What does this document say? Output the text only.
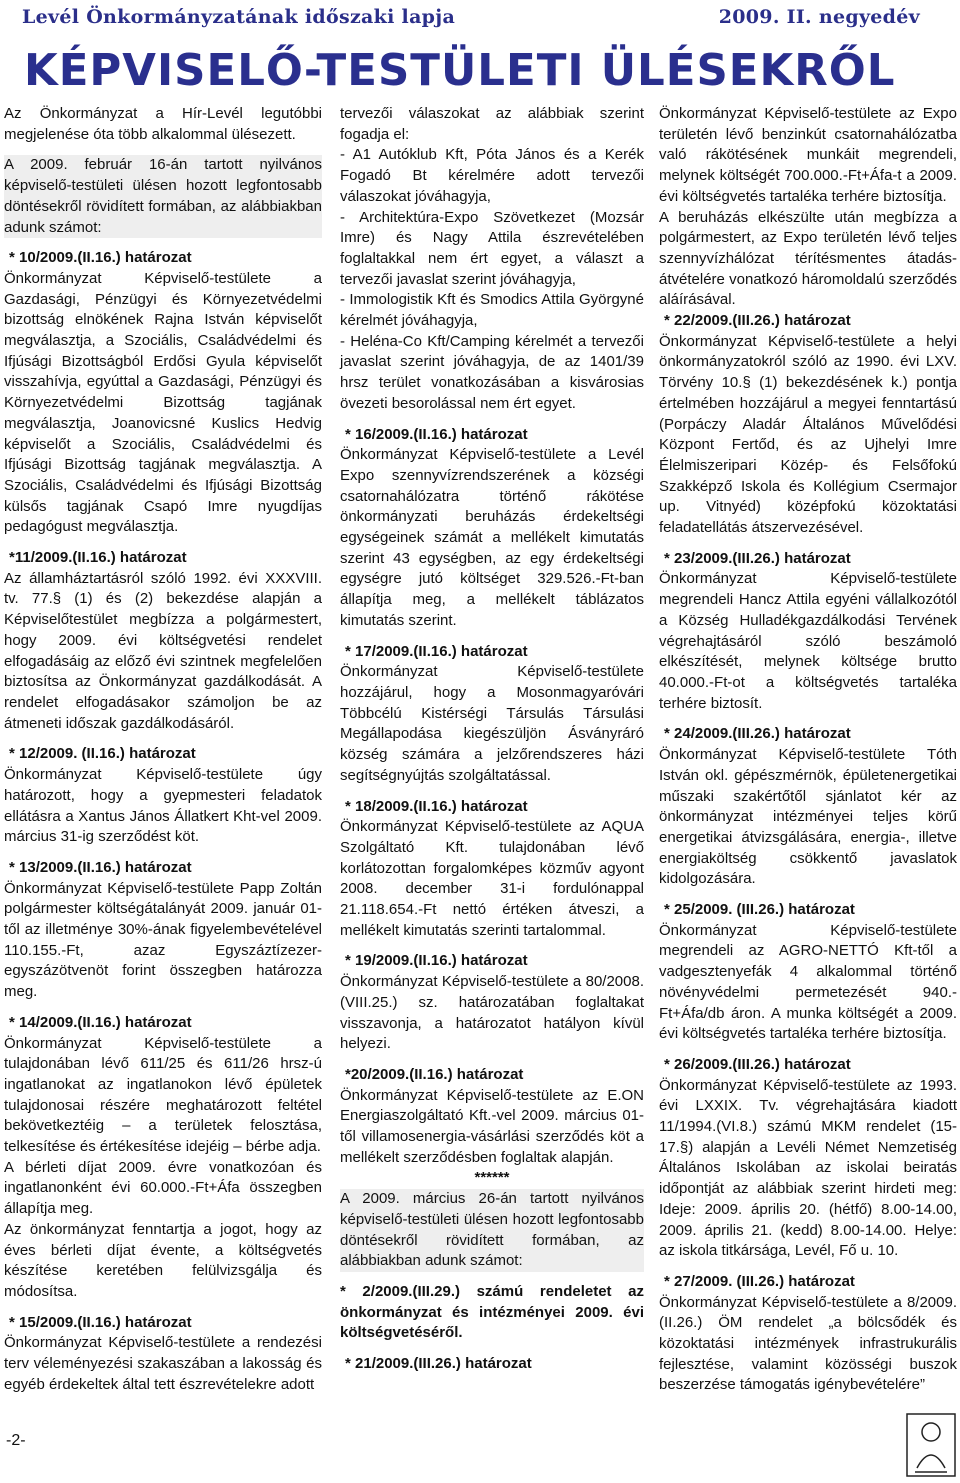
Levél Önkormányzatának időszaki lapja	2009. II. negyedév
KÉPVISELŐ-TESTÜLETI ÜLÉSEKRŐL

Az Önkormányzat a Hír-Levél legutóbbi megjelenése óta több alkalommal ülésezett.

A 2009. február 16-án tartott nyilvános képviselő-testületi ülésen hozott legfontosabb döntésekről rövidített formában, az alábbiakban adunk számot:

* 10/2009.(II.16.) határozat

Önkormányzat Képviselő-testülete a Gazdasági, Pénzügyi és Környezetvédelmi bizottság elnökének Rajna István képviselőt megválasztja, a Szociális, Családvédelmi és Ifjúsági Bizottságból Erdősi Gyula képviselőt visszahívja, egyúttal a Gazdasági, Pénzügyi és Környezetvédelmi Bizottság tagjának megválasztja, Joanovicsné Kuslics Hedvig képviselőt a Szociális, Családvédelmi és Ifjúsági Bizottság tagjának megválasztja. A Szociális, Családvédelmi és Ifjúsági Bizottság külsős tagjának Csapó Imre nyugdíjas pedagógust megválasztja.

*11/2009.(II.16.) határozat

Az államháztartásról szóló 1992. évi XXXVIII. tv. 77.§ (1) és (2) bekezdése alapján a Képviselőtestület megbízza a polgármestert, hogy 2009. évi költségvetési rendelet elfogadásáig az előző évi szintnek megfelelően biztosítsa az Önkormányzat gazdálkodását. A rendelet elfogadásakor számoljon be az átmeneti időszak gazdálkodásáról.

* 12/2009. (II.16.) határozat

Önkormányzat Képviselő-testülete úgy határozott, hogy a gyepmesteri feladatok ellátásra a Xantus János Állatkert Kht-vel 2009. március 31-ig szerződést köt.

* 13/2009.(II.16.) határozat

Önkormányzat Képviselő-testülete Papp Zoltán polgármester költségátalányát 2009. január 01-től az illetménye 30%-ának figyelembevételével 110.155.-Ft, azaz Egyszáztízezer-egyszázötvenöt forint összegben határozza meg.

* 14/2009.(II.16.) határozat

Önkormányzat Képviselő-testülete a tulajdonában lévő 611/25 és 611/26 hrsz-ú ingatlanokat az ingatlanokon lévő épületek tulajdonosai részére meghatározott feltétel bekövetkeztéig – a területek felosztása, telkesítése és értékesítése idejéig – bérbe adja.

A bérleti díjat 2009. évre vonatkozóan és ingatlanonként évi 60.000.-Ft+Áfa összegben állapítja meg.

Az önkormányzat fenntartja a jogot, hogy az éves bérleti díjat évente, a költségvetés készítése keretében felülvizsgálja és módosítsa.

* 15/2009.(II.16.) határozat

Önkormányzat Képviselő-testülete a rendezési terv véleményezési szakaszában a lakosság és egyéb érdekeltek által tett észrevételekre adott

tervezői válaszokat az alábbiak szerint fogadja el:

- A1 Autóklub Kft, Póta János és a Kerék Fogadó Bt kérelmére adott tervezői válaszokat jóváhagyja,

- Architektúra-Expo Szövetkezet (Mozsár Imre) és Nagy Attila észrevételében foglaltakkal nem ért egyet, a választ a tervezői javaslat szerint jóváhagyja,

- Immologistik Kft és Smodics Attila Györgyné kérelmét jóváhagyja,

- Heléna-Co Kft/Camping kérelmét a tervezői javaslat szerint jóváhagyja, de az 1401/39 hrsz terület vonatkozásában a kisvárosias övezeti besorolással nem ért egyet.

* 16/2009.(II.16.) határozat

Önkormányzat Képviselő-testülete a Levél Expo szennyvízrendszerének a községi csatornahálózatra történő rákötése önkormányzati beruházás érdekeltségi egységeinek számát a mellékelt kimutatás szerint 43 egységben, az egy érdekeltségi egységre jutó költséget 329.526.-Ft-ban állapítja meg, a mellékelt táblázatos kimutatás szerint.

* 17/2009.(II.16.) határozat

Önkormányzat Képviselő-testülete hozzájárul, hogy a Mosonmagyaróvári Többcélú Kistérségi Társulás Társulási Megállapodása kiegészüljön Ásványráró község számára a jelzőrendszeres házi segítségnyújtás szolgáltatással.

* 18/2009.(II.16.) határozat

Önkormányzat Képviselő-testülete az AQUA Szolgáltató Kft. tulajdonában lévő korlátozottan forgalomképes közműv agyont 2008. december 31-i fordulónappal 21.118.654.-Ft nettó értéken átveszi, a mellékelt kimutatás szerinti tartalommal.

* 19/2009.(II.16.) határozat

Önkormányzat Képviselő-testülete a 80/2008.(VIII.25.) sz. határozatában foglaltakat visszavonja, a határozatot hatályon kívül helyezi.

*20/2009.(II.16.) határozat

Önkormányzat Képviselő-testülete az E.ON Energiaszolgáltató Kft.-vel 2009. március 01-től villamosenergia-vásárlási szerződés köt a mellékelt szerződésben foglaltak alapján.

******

A 2009. március 26-án tartott nyilvános képviselő-testületi ülésen hozott legfontosabb döntésekről rövidített formában, az alábbiakban adunk számot:

* 2/2009.(III.29.) számú rendeletet az önkormányzat és intézményei 2009. évi költségvetéséről.

* 21/2009.(III.26.) határozat

Önkormányzat Képviselő-testülete az Expo területén lévő benzinkút csatornahálózatba való rákötésének munkáit megrendeli, melynek költségét 700.000.-Ft+Áfa-t a 2009. évi költségvetés tartaléka terhére biztosítja.

A beruházás elkészülte után megbízza a polgármestert, az Expo területén lévő teljes szennyvízhálózat térítésmentes átadás-átvételére vonatkozó háromoldalú szerződés aláírásával.

* 22/2009.(III.26.) határozat

Önkormányzat Képviselő-testülete a helyi önkormányzatokról szóló az 1990. évi LXV. Törvény 10.§ (1) bekezdésének k.) pontja értelmében hozzájárul a megyei fenntartású (Porpáczy Aladár Általános Művelődési Központ Fertőd, és az Ujhelyi Imre Élelmiszeripari Közép- és Felsőfokú Szakképző Iskola és Kollégium Csermajor up. Vitnyéd) középfokú közoktatási feladatellátás átszervezésével.

* 23/2009.(III.26.) határozat

Önkormányzat Képviselő-testülete megrendeli Hancz Attila egyéni vállalkozótól a Község Hulladékgazdálkodási Tervének végrehajtásáról szóló beszámoló elkészítését, melynek költsége brutto 40.000.-Ft-ot a költségvetés tartaléka terhére biztosít.

* 24/2009.(III.26.) határozat

Önkormányzat Képviselő-testülete Tóth István okl. gépészmérnök, épületenergetikai műszaki szakértőtől sjánlatot kér az önkormányzat intézményei teljes körű energetikai átvizsgálására, energia-, illetve energiaköltség csökkentő javaslatok kidolgozására.

* 25/2009. (III.26.) határozat

Önkormányzat Képviselő-testülete megrendeli az AGRO-NETTÓ Kft-től a vadgesztenyefák 4 alkalommal történő növényvédelmi permetezését 940.-Ft+Áfa/db áron. A munka költségét a 2009. évi költségvetés tartaléka terhére biztosítja.

* 26/2009.(III.26.) határozat

Önkormányzat Képviselő-testülete az 1993. évi LXXIX. Tv. végrehajtására kiadott 11/1994.(VI.8.) számú MKM rendelet (15-17.§) alapján a Levéli Német Nemzetiség Általános Iskolában az iskolai beiratás időpontját az alábbiak szerint hirdeti meg: Ideje: 2009. április 20. (hétfő) 8.00-14.00, 2009. április 21. (kedd) 8.00-14.00. Helye: az iskola titkársága, Levél, Fő u. 10.

* 27/2009. (III.26.) határozat

Önkormányzat Képviselő-testülete a 8/2009.(II.26.) ÖM rendelet „a bölcsődék és közoktatási intézmények infrastrukurális fejlesztése, valamint közösségi buszok beszerzése támogatás igénybevételére”

-2-
